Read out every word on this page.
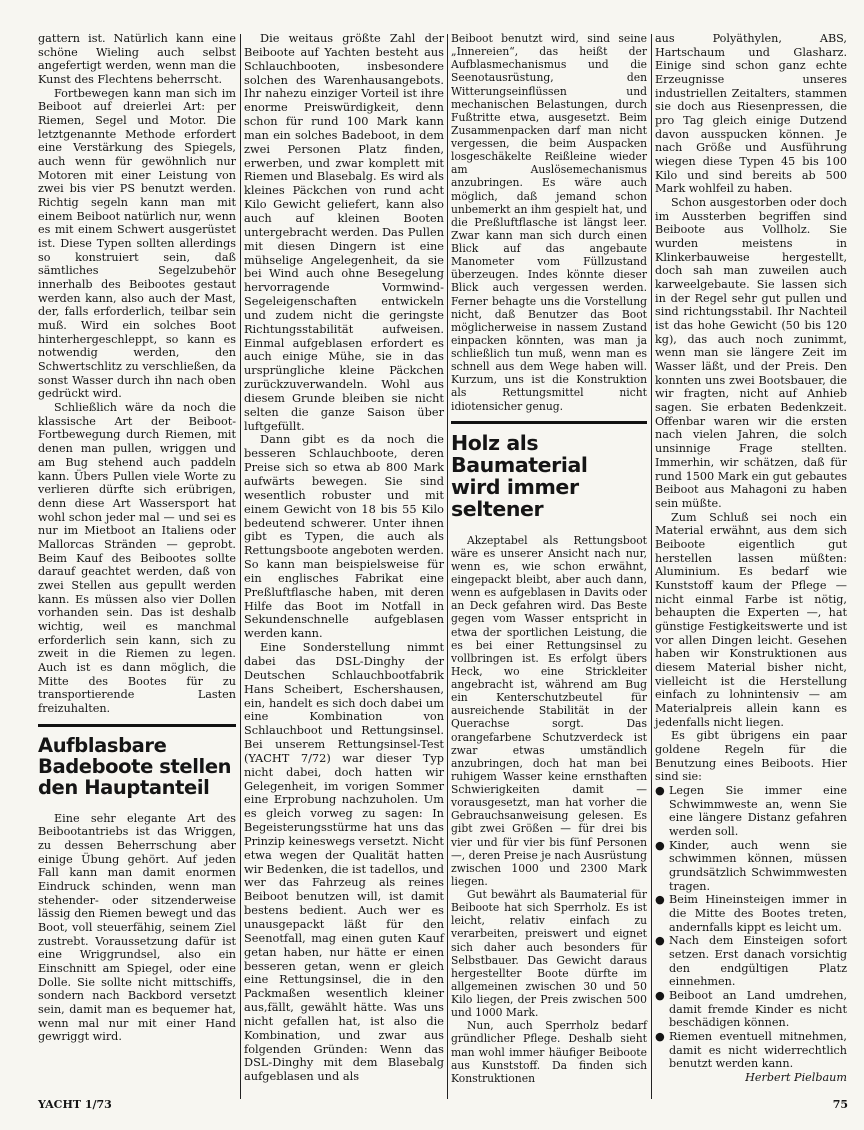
gattern ist. Natürlich kann eine schöne Wieling auch selbst angefertigt werden, wenn man die Kunst des Flechtens beherrscht.

Fortbewegen kann man sich im Beiboot auf dreierlei Art: per Riemen, Segel und Motor. Die letztgenannte Methode erfordert eine Verstärkung des Spiegels, auch wenn für gewöhnlich nur Motoren mit einer Leistung von zwei bis vier PS benutzt werden. Richtig segeln kann man mit einem Beiboot natürlich nur, wenn es mit einem Schwert ausgerüstet ist. Diese Typen sollten allerdings so konstruiert sein, daß sämtliches Segelzubehör innerhalb des Beibootes gestaut werden kann, also auch der Mast, der, falls erforderlich, teilbar sein muß. Wird ein solches Boot hinterhergeschleppt, so kann es notwendig werden, den Schwertschlitz zu verschließen, da sonst Wasser durch ihn nach oben gedrückt wird.

Schließlich wäre da noch die klassische Art der Beiboot-Fortbewegung durch Riemen, mit denen man pullen, wriggen und am Bug stehend auch paddeln kann. Übers Pullen viele Worte zu verlieren dürfte sich erübrigen, denn diese Art Wassersport hat wohl schon jeder mal — und sei es nur im Mietboot an Italiens oder Mallorcas Stränden — geprobt. Beim Kauf des Beibootes sollte darauf geachtet werden, daß von zwei Stellen aus gepullt werden kann. Es müssen also vier Dollen vorhanden sein. Das ist deshalb wichtig, weil es manchmal erforderlich sein kann, sich zu zweit in die Riemen zu legen. Auch ist es dann möglich, die Mitte des Bootes für zu transportierende Lasten freizuhalten.

Aufblasbare
Badeboote stellen
den Hauptanteil

Eine sehr elegante Art des Beibootantriebs ist das Wriggen, zu dessen Beherrschung aber einige Übung gehört. Auf jeden Fall kann man damit enormen Eindruck schinden, wenn man stehender- oder sitzenderweise lässig den Riemen bewegt und das Boot, voll steuerfähig, seinem Ziel zustrebt. Voraussetzung dafür ist eine Wriggrundsel, also ein Einschnitt am Spiegel, oder eine Dolle. Sie sollte nicht mittschiffs, sondern nach Backbord versetzt sein, damit man es bequemer hat, wenn mal nur mit einer Hand gewriggt wird.

Die weitaus größte Zahl der Beiboote auf Yachten besteht aus Schlauchbooten, insbesondere solchen des Warenhausangebots. Ihr nahezu einziger Vorteil ist ihre enorme Preiswürdigkeit, denn schon für rund 100 Mark kann man ein solches Badeboot, in dem zwei Personen Platz finden, erwerben, und zwar komplett mit Riemen und Blasebalg. Es wird als kleines Päckchen von rund acht Kilo Gewicht geliefert, kann also auch auf kleinen Booten untergebracht werden. Das Pullen mit diesen Dingern ist eine mühselige Angelegenheit, da sie bei Wind auch ohne Besegelung hervorragende Vormwind-Segeleigenschaften entwickeln und zudem nicht die geringste Richtungsstabilität aufweisen. Einmal aufgeblasen erfordert es auch einige Mühe, sie in das ursprüngliche kleine Päckchen zurückzuverwandeln. Wohl aus diesem Grunde bleiben sie nicht selten die ganze Saison über luftgefüllt.

Dann gibt es da noch die besseren Schlauchboote, deren Preise sich so etwa ab 800 Mark aufwärts bewegen. Sie sind wesentlich robuster und mit einem Gewicht von 18 bis 55 Kilo bedeutend schwerer. Unter ihnen gibt es Typen, die auch als Rettungsboote angeboten werden. So kann man beispielsweise für ein englisches Fabrikat eine Preßluftflasche haben, mit deren Hilfe das Boot im Notfall in Sekundenschnelle aufgeblasen werden kann.

Eine Sonderstellung nimmt dabei das DSL-Dinghy der Deutschen Schlauchbootfabrik Hans Scheibert, Eschershausen, ein, handelt es sich doch dabei um eine Kombination von Schlauchboot und Rettungsinsel. Bei unserem Rettungsinsel-Test (YACHT 7/72) war dieser Typ nicht dabei, doch hatten wir Gelegenheit, im vorigen Sommer eine Erprobung nachzuholen. Um es gleich vorweg zu sagen: In Begeisterungsstürme hat uns das Prinzip keineswegs versetzt. Nicht etwa wegen der Qualität hatten wir Bedenken, die ist tadellos, und wer das Fahrzeug als reines Beiboot benutzen will, ist damit bestens bedient. Auch wer es unausgepackt läßt für den Seenotfall, mag einen guten Kauf getan haben, nur hätte er einen besseren getan, wenn er gleich eine Rettungsinsel, die in den Packmaßen wesentlich kleiner aus‚fällt, gewählt hätte. Was uns nicht gefallen hat, ist also die Kombination, und zwar aus folgenden Gründen: Wenn das DSL-Dinghy mit dem Blasebalg aufgeblasen und als

Beiboot benutzt wird, sind seine „Innereien“, das heißt der Aufblasmechanismus und die Seenotausrüstung, den Witterungseinflüssen und mechanischen Belastungen, durch Fußtritte etwa, ausgesetzt. Beim Zusammenpacken darf man nicht vergessen, die beim Auspacken losgeschäkelte Reißleine wieder am Auslösemechanismus anzubringen. Es wäre auch möglich, daß jemand schon unbemerkt an ihm gespielt hat, und die Preßluftflasche ist längst leer. Zwar kann man sich durch einen Blick auf das angebaute Manometer vom Füllzustand überzeugen. Indes könnte dieser Blick auch vergessen werden. Ferner behagte uns die Vorstellung nicht, daß Benutzer das Boot möglicherweise in nassem Zustand einpacken könnten, was man ja schließlich tun muß, wenn man es schnell aus dem Wege haben will. Kurzum, uns ist die Konstruktion als Rettungsmittel nicht idiotensicher genug.

Holz als Baumaterial
wird immer seltener

Akzeptabel als Rettungsboot wäre es unserer Ansicht nach nur, wenn es, wie schon erwähnt, eingepackt bleibt, aber auch dann, wenn es aufgeblasen in Davits oder an Deck gefahren wird. Das Beste gegen vom Wasser entspricht in etwa der sportlichen Leistung, die es bei einer Rettungsinsel zu vollbringen ist. Es erfolgt übers Heck, wo eine Strickleiter angebracht ist, während am Bug ein Kenterschutzbeutel für ausreichende Stabilität in der Querachse sorgt. Das orangefarbene Schutzverdeck ist zwar etwas umständlich anzubringen, doch hat man bei ruhigem Wasser keine ernsthaften Schwierigkeiten damit — vorausgesetzt, man hat vorher die Gebrauchsanweisung gelesen. Es gibt zwei Größen — für drei bis vier und für vier bis fünf Personen —, deren Preise je nach Ausrüstung zwischen 1000 und 2300 Mark liegen.

Gut bewährt als Baumaterial für Beiboote hat sich Sperrholz. Es ist leicht, relativ einfach zu verarbeiten, preiswert und eignet sich daher auch besonders für Selbstbauer. Das Gewicht daraus hergestellter Boote dürfte im allgemeinen zwischen 30 und 50 Kilo liegen, der Preis zwischen 500 und 1000 Mark.

Nun, auch Sperrholz bedarf gründlicher Pflege. Deshalb sieht man wohl immer häufiger Beiboote aus Kunststoff. Da finden sich Konstruktionen

aus Polyäthylen, ABS, Hartschaum und Glasharz. Einige sind schon ganz echte Erzeugnisse unseres industriellen Zeitalters, stammen sie doch aus Riesenpressen, die pro Tag gleich einige Dutzend davon ausspucken können. Je nach Größe und Ausführung wiegen diese Typen 45 bis 100 Kilo und sind bereits ab 500 Mark wohlfeil zu haben.

Schon ausgestorben oder doch im Aussterben begriffen sind Beiboote aus Vollholz. Sie wurden meistens in Klinkerbauweise hergestellt, doch sah man zuweilen auch karweelgebaute. Sie lassen sich in der Regel sehr gut pullen und sind richtungsstabil. Ihr Nachteil ist das hohe Gewicht (50 bis 120 kg), das auch noch zunimmt, wenn man sie längere Zeit im Wasser läßt, und der Preis. Den konnten uns zwei Bootsbauer, die wir fragten, nicht auf Anhieb sagen. Sie erbaten Bedenkzeit. Offenbar waren wir die ersten nach vielen Jahren, die solch unsinnige Frage stellten. Immerhin, wir schätzen, daß für rund 1500 Mark ein gut gebautes Beiboot aus Mahagoni zu haben sein müßte.

Zum Schluß sei noch ein Material erwähnt, aus dem sich Beiboote eigentlich gut herstellen lassen müßten: Aluminium. Es bedarf wie Kunststoff kaum der Pflege — nicht einmal Farbe ist nötig, behaupten die Experten —, hat günstige Festigkeitswerte und ist vor allen Dingen leicht. Gesehen haben wir Konstruktionen aus diesem Material bisher nicht, vielleicht ist die Herstellung einfach zu lohnintensiv — am Materialpreis allein kann es jedenfalls nicht liegen.

Es gibt übrigens ein paar goldene Regeln für die Benutzung eines Beiboots. Hier sind sie:

● Legen Sie immer eine Schwimmweste an, wenn Sie eine längere Distanz gefahren werden soll.

● Kinder, auch wenn sie schwimmen können, müssen grundsätzlich Schwimmwesten tragen.

● Beim Hineinsteigen immer in die Mitte des Bootes treten, andernfalls kippt es leicht um.

● Nach dem Einsteigen sofort setzen. Erst danach vorsichtig den endgültigen Platz einnehmen.

● Beiboot an Land umdrehen, damit fremde Kinder es nicht beschädigen können.

● Riemen eventuell mitnehmen, damit es nicht widerrechtlich benutzt werden kann.

Herbert Pielbaum

YACHT 1/73	75
